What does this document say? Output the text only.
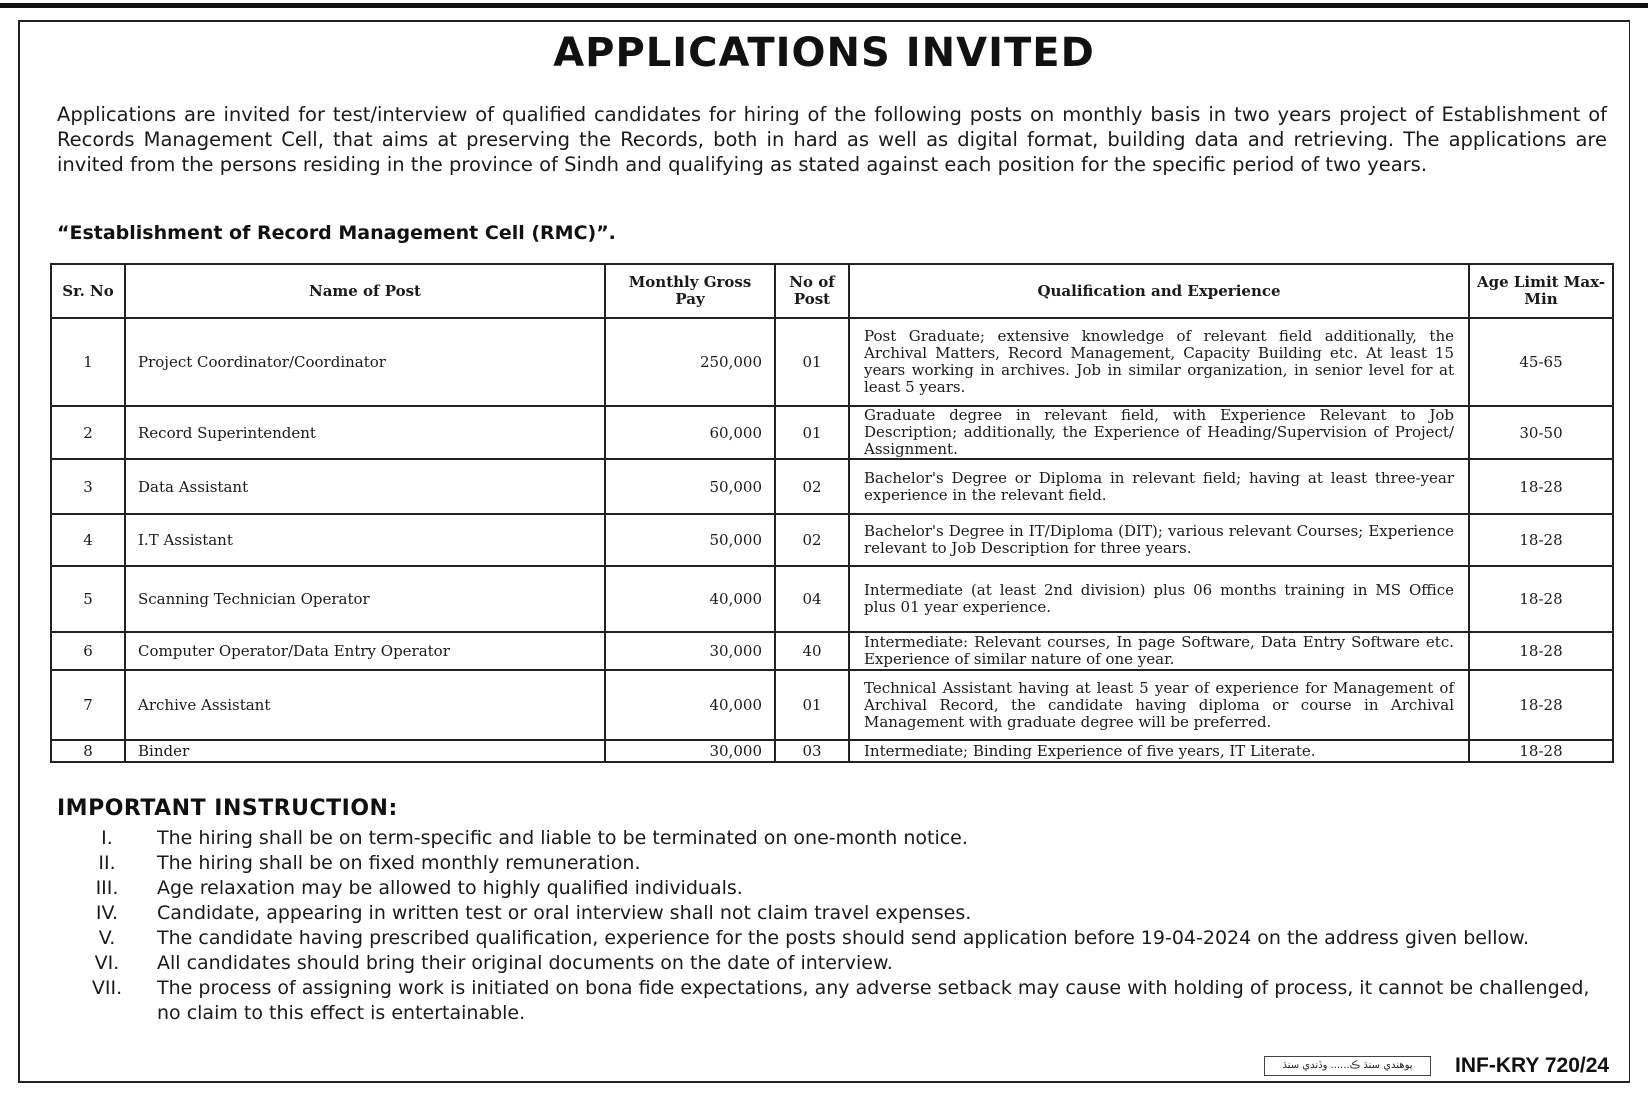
APPLICATIONS INVITED
Applications are invited for test/interview of qualified candidates for hiring of the following posts on monthly basis in two years project of Establishment of Records Management Cell, that aims at preserving the Records, both in hard as well as digital format, building data and retrieving. The applications are invited from the persons residing in the province of Sindh and qualifying as stated against each position for the specific period of two years.
“Establishment of Record Management Cell (RMC)”.
Sr. No	Name of Post	Monthly Gross Pay	No of Post	Qualification and Experience	Age Limit Max-Min
1	Project Coordinator/Coordinator	250,000	01	Post Graduate; extensive knowledge of relevant field additionally, the Archival Matters, Record Management, Capacity Building etc. At least 15 years working in archives. Job in similar organization, in senior level for at least 5 years.	45-65
2	Record Superintendent	60,000	01	Graduate degree in relevant field, with Experience Relevant to Job Description; additionally, the Experience of Heading/Supervision of Project/ Assignment.	30-50
3	Data Assistant	50,000	02	Bachelor's Degree or Diploma in relevant field; having at least three-year experience in the relevant field.	18-28
4	I.T Assistant	50,000	02	Bachelor's Degree in IT/Diploma (DIT); various relevant Courses; Experience relevant to Job Description for three years.	18-28
5	Scanning Technician Operator	40,000	04	Intermediate (at least 2nd division) plus 06 months training in MS Office plus 01 year experience.	18-28
6	Computer Operator/Data Entry Operator	30,000	40	Intermediate: Relevant courses, In page Software, Data Entry Software etc. Experience of similar nature of one year.	18-28
7	Archive Assistant	40,000	01	Technical Assistant having at least 5 year of experience for Management of Archival Record, the candidate having diploma or course in Archival Management with graduate degree will be preferred.	18-28
8	Binder	30,000	03	Intermediate; Binding Experience of five years, IT Literate.	18-28
IMPORTANT INSTRUCTION:
I.	The hiring shall be on term-specific and liable to be terminated on one-month notice.
II.	The hiring shall be on fixed monthly remuneration.
III.	Age relaxation may be allowed to highly qualified individuals.
IV.	Candidate, appearing in written test or oral interview shall not claim travel expenses.
V.	The candidate having prescribed qualification, experience for the posts should send application before 19-04-2024 on the address given bellow.
VI.	All candidates should bring their original documents on the date of interview.
VII.	The process of assigning work is initiated on bona fide expectations, any adverse setback may cause with holding of process, it cannot be challenged, no claim to this effect is entertainable.
پوهندي سنڌ ڪ...... وڏندي سنڌ	INF-KRY 720/24
